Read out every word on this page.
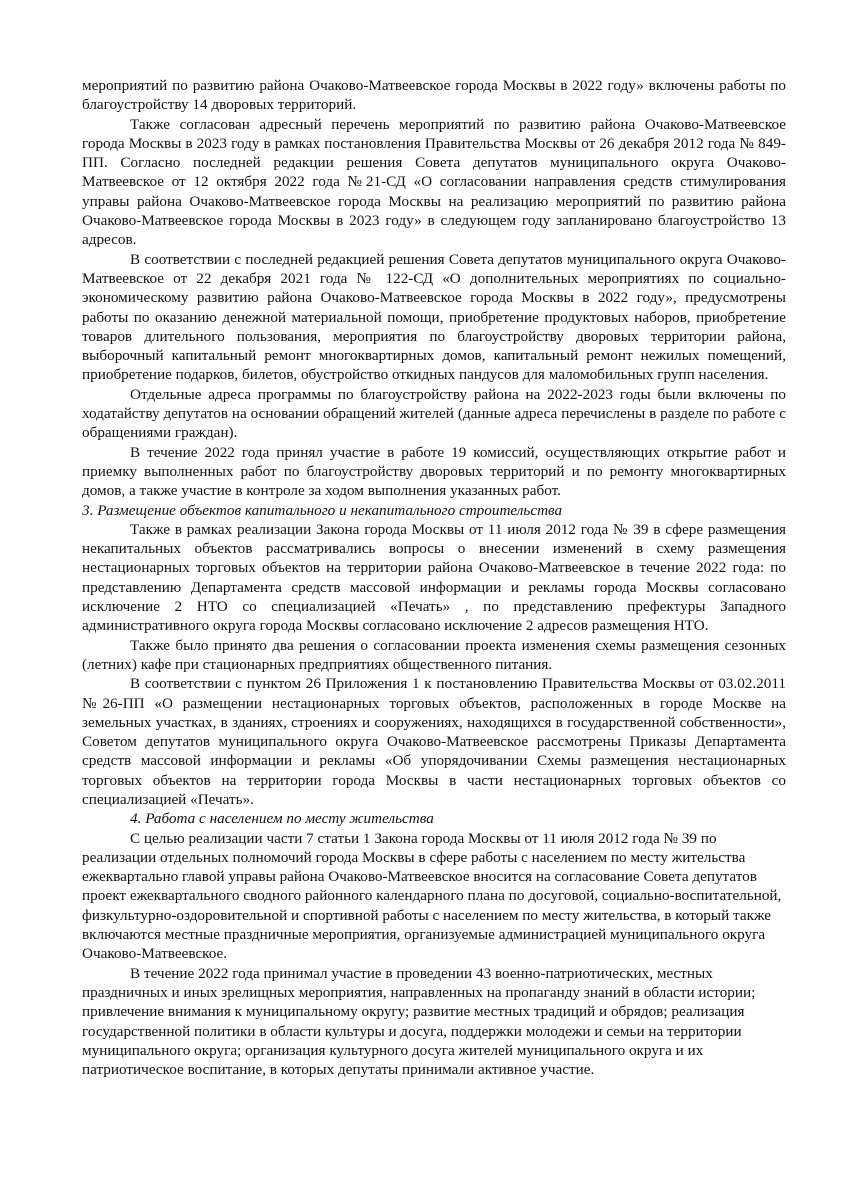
мероприятий по развитию района Очаково-Матвеевское города Москвы в 2022 году» включены работы по благоустройству 14 дворовых территорий.

Также согласован адресный перечень мероприятий по развитию района Очаково-Матвеевское города Москвы в 2023 году в рамках постановления Правительства Москвы от 26 декабря 2012 года № 849-ПП. Согласно последней редакции решения Совета депутатов муниципального округа Очаково-Матвеевское от 12 октября 2022 года №21-СД «О согласовании направления средств стимулирования управы района Очаково-Матвеевское города Москвы на реализацию мероприятий по развитию района Очаково-Матвеевское города Москвы в 2023 году» в следующем году запланировано благоустройство 13 адресов.

В соответствии с последней редакцией решения Совета депутатов муниципального округа Очаково-Матвеевское от 22 декабря 2021 года № 122-СД «О дополнительных мероприятиях по социально-экономическому развитию района Очаково-Матвеевское города Москвы в 2022 году», предусмотрены работы по оказанию денежной материальной помощи, приобретение продуктовых наборов, приобретение товаров длительного пользования, мероприятия по благоустройству дворовых территории района, выборочный капитальный ремонт многоквартирных домов, капитальный ремонт нежилых помещений, приобретение подарков, билетов, обустройство откидных пандусов для маломобильных групп населения.

Отдельные адреса программы по благоустройству района на 2022-2023 годы были включены по ходатайству депутатов на основании обращений жителей (данные адреса перечислены в разделе по работе с обращениями граждан).

В течение 2022 года принял участие в работе 19 комиссий, осуществляющих открытие работ и приемку выполненных работ по благоустройству дворовых территорий и по ремонту многоквартирных домов, а также участие в контроле за ходом выполнения указанных работ.

3. Размещение объектов капитального и некапитального строительства

Также в рамках реализации Закона города Москвы от 11 июля 2012 года № 39 в сфере размещения некапитальных объектов рассматривались вопросы о внесении изменений в схему размещения нестационарных торговых объектов на территории района Очаково-Матвеевское в течение 2022 года: по представлению Департамента средств массовой информации и рекламы города Москвы согласовано исключение 2 НТО со специализацией «Печать» , по представлению префектуры Западного административного округа города Москвы согласовано исключение 2 адресов размещения НТО.

Также было принято два решения о согласовании проекта изменения схемы размещения сезонных (летних) кафе при стационарных предприятиях общественного питания.

В соответствии с пунктом 26 Приложения 1 к постановлению Правительства Москвы от 03.02.2011 №26-ПП «О размещении нестационарных торговых объектов, расположенных в городе Москве на земельных участках, в зданиях, строениях и сооружениях, находящихся в государственной собственности», Советом депутатов муниципального округа Очаково-Матвеевское рассмотрены Приказы Департамента средств массовой информации и рекламы «Об упорядочивании Схемы размещения нестационарных торговых объектов на территории города Москвы в части нестационарных торговых объектов со специализацией «Печать».

4. Работа с населением по месту жительства

С целью реализации части 7 статьи 1 Закона города Москвы от 11 июля 2012 года № 39 по реализации отдельных полномочий города Москвы в сфере работы с населением по месту жительства ежеквартально главой управы района Очаково-Матвеевское вносится на согласование Совета депутатов проект ежеквартального сводного районного календарного плана по досуговой, социально-воспитательной, физкультурно-оздоровительной и спортивной работы с населением по месту жительства, в который также включаются местные праздничные мероприятия, организуемые администрацией муниципального округа Очаково-Матвеевское.

В течение 2022 года принимал участие в проведении 43 военно-патриотических, местных праздничных и иных зрелищных мероприятия, направленных на пропаганду знаний в области истории; привлечение внимания к муниципальному округу; развитие местных традиций и обрядов; реализация государственной политики в области культуры и досуга, поддержки молодежи и семьи на территории муниципального округа; организация культурного досуга жителей муниципального округа и их патриотическое воспитание, в которых депутаты принимали активное участие.
